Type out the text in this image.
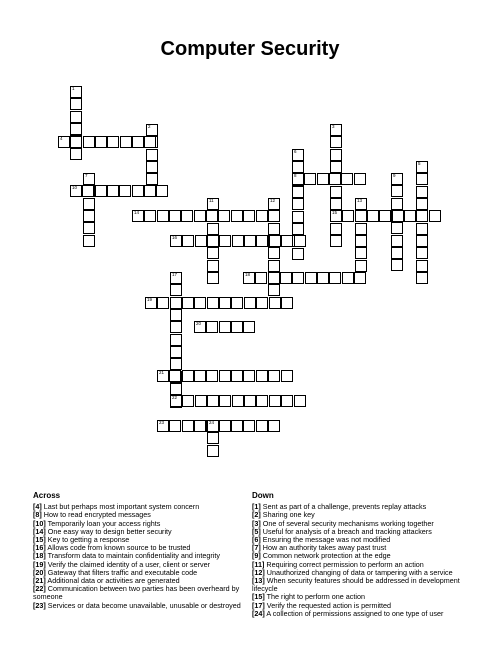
Computer Security
1
2	3
15
4
5
6
7	8	9
10
11	12	13
14
16
17	18
19
20
21
22
23	24
Across
[4] Last but perhaps most important system concern
[8] How to read encrypted messages
[10] Temporarily loan your access rights
[14] One easy way to design better security
[15] Key to getting a response
[16] Allows code from known source to be trusted
[18] Transform data to maintain confidentiality and integrity
[19] Verify the claimed identity of a user, client or server
[20] Gateway that filters traffic and executable code
[21] Additional data or activities are generated
[22] Communication between two parties has been overheard by someone
[23] Services or data become unavailable, unusable or destroyed
Down
[1] Sent as part of a challenge, prevents replay attacks
[2] Sharing one key
[3] One of several security mechanisms working together
[5] Useful for analysis of a breach and tracking attackers
[6] Ensuring the message was not modified
[7] How an authority takes away past trust
[9] Common network protection at the edge
[11] Requiring correct permission to perform an action
[12] Unauthorized changing of data or tampering with a service
[13] When security features should be addressed in development lifecycle
[15] The right to perform one action
[17] Verify the requested action is permitted
[24] A collection of permissions assigned to one type of user
